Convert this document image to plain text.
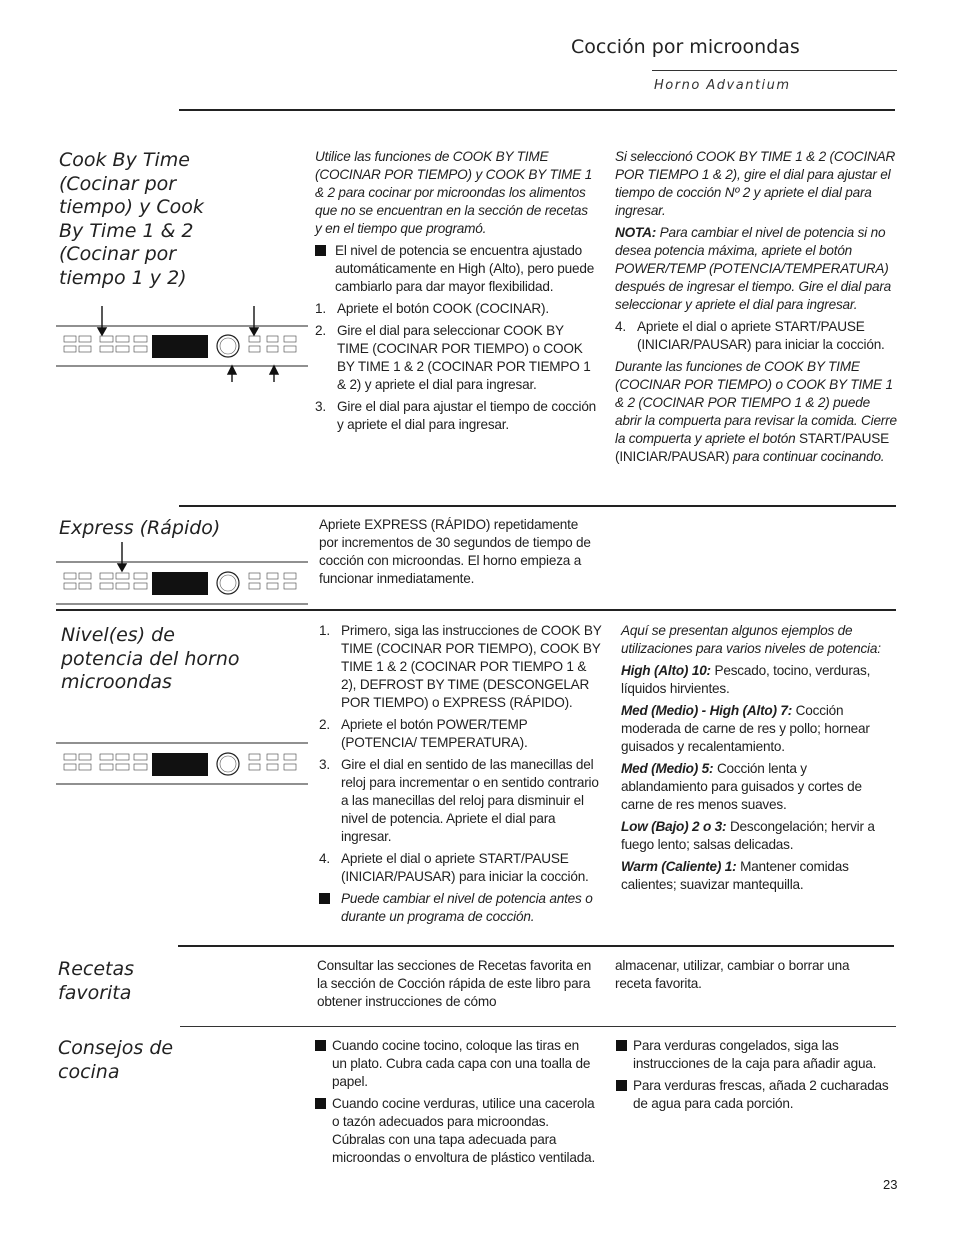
Cocción por microondas
Horno Advantium
Cook By Time (Cocinar por tiempo) y Cook By Time 1 & 2 (Cocinar por tiempo 1 y 2)

Utilice las funciones de COOK BY TIME (COCINAR POR TIEMPO) y COOK BY TIME 1 & 2 para cocinar por microondas los alimentos que no se encuentran en la sección de recetas y en el tiempo que programó.

El nivel de potencia se encuentra ajustado automáticamente en High (Alto), pero puede cambiarlo para dar mayor flexibilidad.
1. Apriete el botón COOK (COCINAR).
2. Gire el dial para seleccionar COOK BY TIME (COCINAR POR TIEMPO) o COOK BY TIME 1 & 2 (COCINAR POR TIEMPO 1 & 2) y apriete el dial para ingresar.
3. Gire el dial para ajustar el tiempo de cocción y apriete el dial para ingresar.

Si seleccionó COOK BY TIME 1 & 2 (COCINAR POR TIEMPO 1 & 2), gire el dial para ajustar el tiempo de cocción Nº 2 y apriete el dial para ingresar.

NOTA: Para cambiar el nivel de potencia si no desea potencia máxima, apriete el botón POWER/TEMP (POTENCIA/TEMPERATURA) después de ingresar el tiempo. Gire el dial para seleccionar y apriete el dial para ingresar.

4. Apriete el dial o apriete START/PAUSE (INICIAR/PAUSAR) para iniciar la cocción.

Durante las funciones de COOK BY TIME (COCINAR POR TIEMPO) o COOK BY TIME 1 & 2 (COCINAR POR TIEMPO 1 & 2) puede abrir la compuerta para revisar la comida. Cierre la compuerta y apriete el botón START/PAUSE (INICIAR/PAUSAR) para continuar cocinando.

Express (Rápido)	Apriete EXPRESS (RÁPIDO) repetidamente por incrementos de 30 segundos de tiempo de cocción con microondas. El horno empieza a funcionar inmediatamente.
Nivel(es) de potencia del horno microondas
1. Primero, siga las instrucciones de COOK BY TIME (COCINAR POR TIEMPO), COOK BY TIME 1 & 2 (COCINAR POR TIEMPO 1 & 2), DEFROST BY TIME (DESCONGELAR POR TIEMPO) o EXPRESS (RÁPIDO).
2. Apriete el botón POWER/TEMP (POTENCIA/ TEMPERATURA).
3. Gire el dial en sentido de las manecillas del reloj para incrementar o en sentido contrario a las manecillas del reloj para disminuir el nivel de potencia. Apriete el dial para ingresar.
4. Apriete el dial o apriete START/PAUSE (INICIAR/PAUSAR) para iniciar la cocción.
Puede cambiar el nivel de potencia antes o durante un programa de cocción.

Aquí se presentan algunos ejemplos de utilizaciones para varios niveles de potencia:

High (Alto) 10: Pescado, tocino, verduras, líquidos hirvientes.

Med (Medio) - High (Alto) 7: Cocción moderada de carne de res y pollo; hornear guisados y recalentamiento.

Med (Medio) 5: Cocción lenta y ablandamiento para guisados y cortes de carne de res menos suaves.

Low (Bajo) 2 o 3: Descongelación; hervir a fuego lento; salsas delicadas.

Warm (Caliente) 1: Mantener comidas calientes; suavizar mantequilla.

Recetas favorita
Consultar las secciones de Recetas favorita en la sección de Cocción rápida de este libro para obtener instrucciones de cómo
almacenar, utilizar, cambiar o borrar una receta favorita.
Consejos de cocina
Cuando cocine tocino, coloque las tiras en un plato. Cubra cada capa con una toalla de papel.
Cuando cocine verduras, utilice una cacerola o tazón adecuados para microondas. Cúbralas con una tapa adecuada para microondas o envoltura de plástico ventilada.
Para verduras congelados, siga las instrucciones de la caja para añadir agua.
Para verduras frescas, añada 2 cucharadas de agua para cada porción.
23
